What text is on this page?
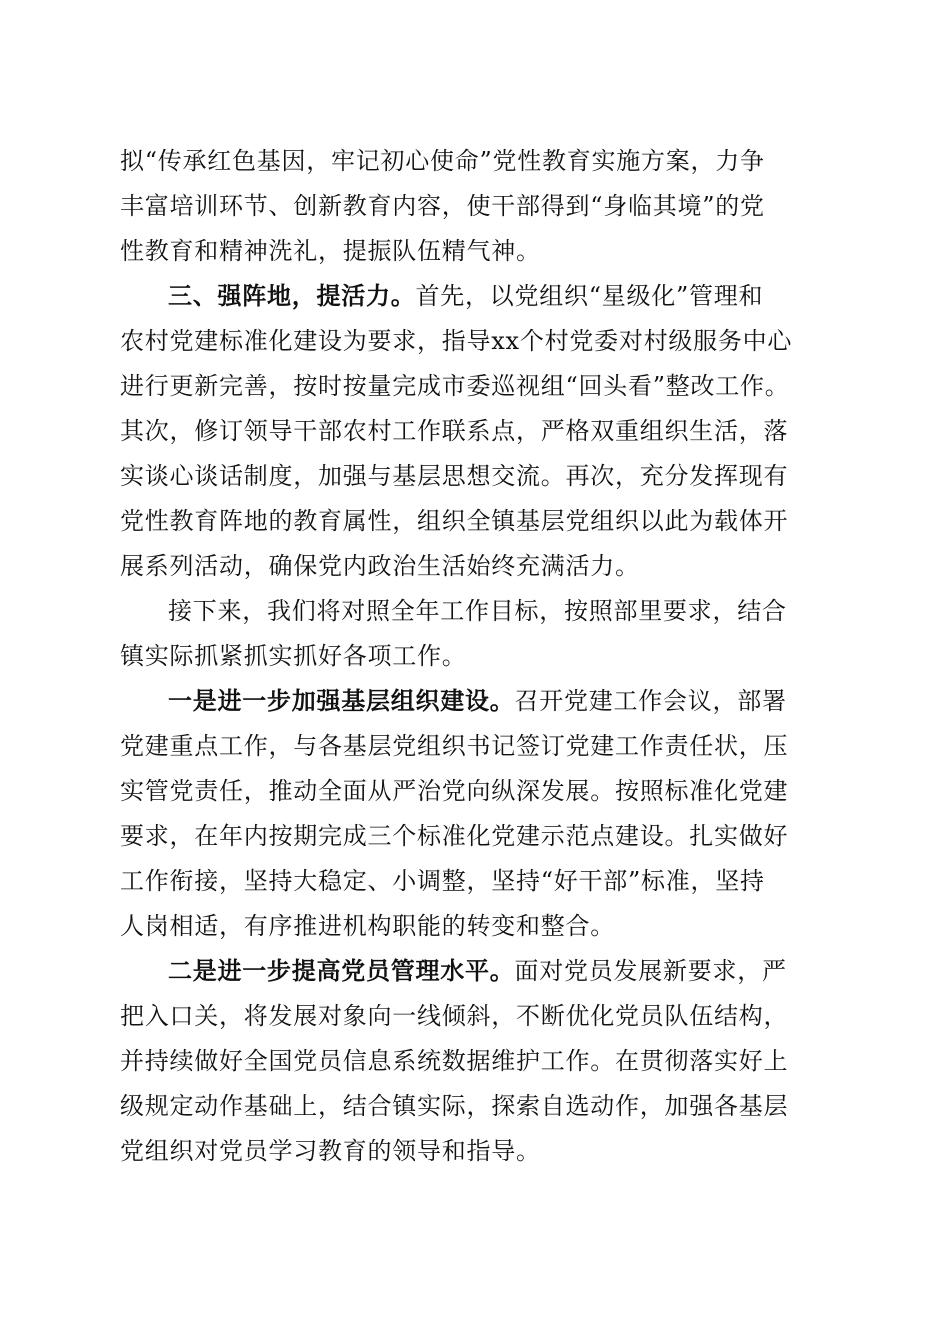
拟“传承红色基因，牢记初心使命”党性教育实施方案，力争
丰富培训环节、创新教育内容，使干部得到“身临其境”的党
性教育和精神洗礼，提振队伍精气神。
三、强阵地，提活力。首先，以党组织“星级化”管理和
农村党建标准化建设为要求，指导xx个村党委对村级服务中心
进行更新完善，按时按量完成市委巡视组“回头看”整改工作。
其次，修订领导干部农村工作联系点，严格双重组织生活，落
实谈心谈话制度，加强与基层思想交流。再次，充分发挥现有
党性教育阵地的教育属性，组织全镇基层党组织以此为载体开
展系列活动，确保党内政治生活始终充满活力。
接下来，我们将对照全年工作目标，按照部里要求，结合
镇实际抓紧抓实抓好各项工作。
一是进一步加强基层组织建设。召开党建工作会议，部署
党建重点工作，与各基层党组织书记签订党建工作责任状，压
实管党责任，推动全面从严治党向纵深发展。按照标准化党建
要求，在年内按期完成三个标准化党建示范点建设。扎实做好
工作衔接，坚持大稳定、小调整，坚持“好干部”标准，坚持
人岗相适，有序推进机构职能的转变和整合。
二是进一步提高党员管理水平。面对党员发展新要求，严
把入口关，将发展对象向一线倾斜，不断优化党员队伍结构，
并持续做好全国党员信息系统数据维护工作。在贯彻落实好上
级规定动作基础上，结合镇实际，探索自选动作，加强各基层
党组织对党员学习教育的领导和指导。
